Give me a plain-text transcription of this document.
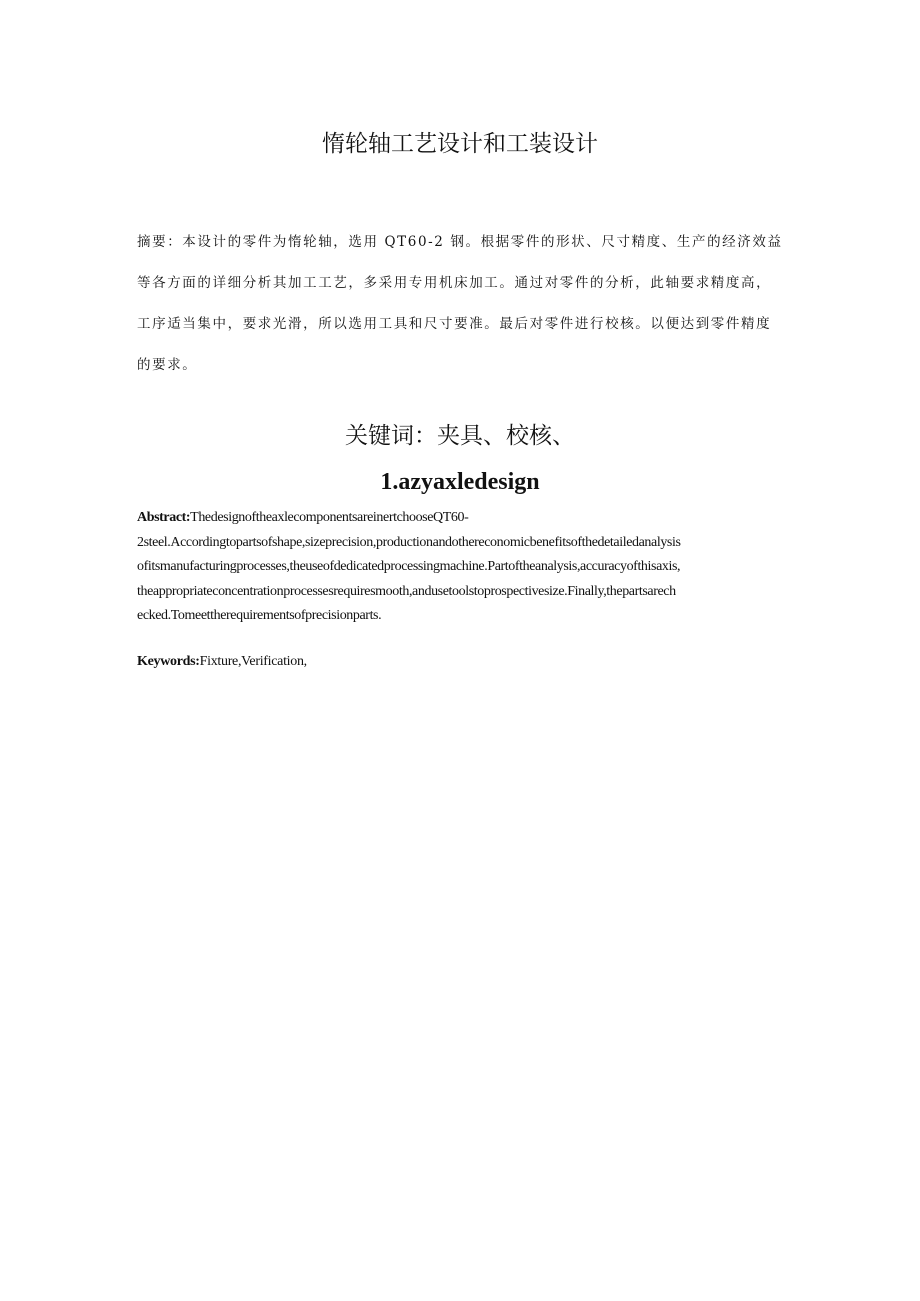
惰轮轴工艺设计和工装设计
摘要：本设计的零件为惰轮轴，选用 QT60-2 钢。根据零件的形状、尺寸精度、生产的经济效益
等各方面的详细分析其加工工艺，多采用专用机床加工。通过对零件的分析，此轴要求精度高，
工序适当集中，要求光滑，所以选用工具和尺寸要准。最后对零件进行校核。以便达到零件精度
的要求。
关键词：夹具、校核、
1.azyaxledesign
Abstract:ThedesignoftheaxlecomponentsareinertchooseQT60-
2steel.Accordingtopartsofshape,sizeprecision,productionandothereconomicbenefitsofthedetailedanalysis
ofitsmanufacturingprocesses,theuseofdedicatedprocessingmachine.Partoftheanalysis,accuracyofthisaxis,
theappropriateconcentrationprocessesrequiresmooth,andusetoolstoprospectivesize.Finally,thepartsarech
ecked.Tomeettherequirementsofprecisionparts.
Keywords:Fixture,Verification,
